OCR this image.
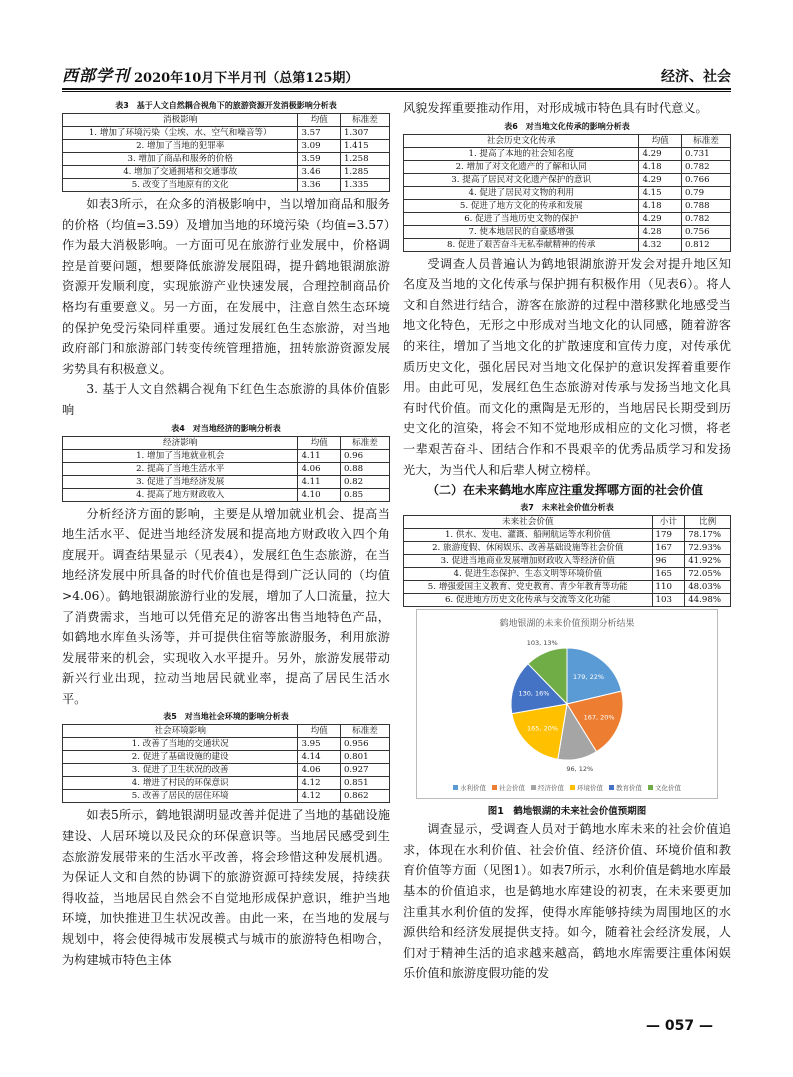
西部学刊 2020年10月下半月刊（总第125期）	经济、社会
表3　基于人文自然耦合视角下的旅游资源开发消极影响分析表
消极影响	均值	标准差
1. 增加了环境污染（尘埃、水、空气和噪音等）	3.57	1.307
2. 增加了当地的犯罪率	3.09	1.415
3. 增加了商品和服务的价格	3.59	1.258
4. 增加了交通拥堵和交通事故	3.46	1.285
5. 改变了当地原有的文化	3.36	1.335

如表3所示，在众多的消极影响中，当以增加商品和服务的价格（均值=3.59）及增加当地的环境污染（均值=3.57）作为最大消极影响。一方面可见在旅游行业发展中，价格调控是首要问题，想要降低旅游发展阻碍，提升鹤地银湖旅游资源开发顺利度，实现旅游产业快速发展，合理控制商品价格均有重要意义。另一方面，在发展中，注意自然生态环境的保护免受污染同样重要。通过发展红色生态旅游，对当地政府部门和旅游部门转变传统管理措施，扭转旅游资源发展劣势具有积极意义。

3. 基于人文自然耦合视角下红色生态旅游的具体价值影响

表4　对当地经济的影响分析表
经济影响	均值	标准差
1. 增加了当地就业机会	4.11	0.96
2. 提高了当地生活水平	4.06	0.88
3. 促进了当地经济发展	4.11	0.82
4. 提高了地方财政收入	4.10	0.85

分析经济方面的影响，主要是从增加就业机会、提高当地生活水平、促进当地经济发展和提高地方财政收入四个角度展开。调查结果显示（见表4），发展红色生态旅游，在当地经济发展中所具备的时代价值也是得到广泛认同的（均值>4.06）。鹤地银湖旅游行业的发展，增加了人口流量，拉大了消费需求，当地可以凭借充足的游客出售当地特色产品，如鹤地水库鱼头汤等，并可提供住宿等旅游服务，利用旅游发展带来的机会，实现收入水平提升。另外，旅游发展带动新兴行业出现，拉动当地居民就业率，提高了居民生活水平。

表5　对当地社会环境的影响分析表
社会环境影响	均值	标准差
1. 改善了当地的交通状况	3.95	0.956
2. 促进了基础设施的建设	4.14	0.801
3. 促进了卫生状况的改善	4.06	0.927
4. 增进了村民的环保意识	4.12	0.851
5. 改善了居民的居住环境	4.12	0.862

如表5所示，鹤地银湖明显改善并促进了当地的基础设施建设、人居环境以及民众的环保意识等。当地居民感受到生态旅游发展带来的生活水平改善，将会珍惜这种发展机遇。为保证人文和自然的协调下的旅游资源可持续发展，持续获得收益，当地居民自然会不自觉地形成保护意识，维护当地环境，加快推进卫生状况改善。由此一来，在当地的发展与规划中，将会使得城市发展模式与城市的旅游特色相吻合，为构建城市特色主体

风貌发挥重要推动作用，对形成城市特色具有时代意义。

表6　对当地文化传承的影响分析表
社会历史文化传承	均值	标准差
1. 提高了本地的社会知名度	4.29	0.731
2. 增加了对文化遗产的了解和认同	4.18	0.782
3. 提高了居民对文化遗产保护的意识	4.29	0.766
4. 促进了居民对文物的利用	4.15	0.79
5. 促进了地方文化的传承和发展	4.18	0.788
6. 促进了当地历史文物的保护	4.29	0.782
7. 使本地居民的自豪感增强	4.28	0.756
8. 促进了艰苦奋斗无私奉献精神的传承	4.32	0.812

受调查人员普遍认为鹤地银湖旅游开发会对提升地区知名度及当地的文化传承与保护拥有积极作用（见表6）。将人文和自然进行结合，游客在旅游的过程中潜移默化地感受当地文化特色，无形之中形成对当地文化的认同感，随着游客的来往，增加了当地文化的扩散速度和宣传力度，对传承优质历史文化，强化居民对当地文化保护的意识发挥着重要作用。由此可见，发展红色生态旅游对传承与发扬当地文化具有时代价值。而文化的熏陶是无形的，当地居民长期受到历史文化的渲染，将会不知不觉地形成相应的文化习惯，将老一辈艰苦奋斗、团结合作和不畏艰辛的优秀品质学习和发扬光大，为当代人和后辈人树立榜样。

（二）在未来鹤地水库应注重发挥哪方面的社会价值

表7　未来社会价值分析表
未来社会价值	小计	比例
1. 供水、发电、灌溉、船闸航运等水利价值	179	78.17%
2. 旅游度假、休闲娱乐、改善基础设施等社会价值	167	72.93%
3. 促进当地商业发展增加财政收入等经济价值	96	41.92%
4. 促进生态保护、生态文明等环境价值	165	72.05%
5. 增强爱国主义教育、党史教育、青少年教育等功能	110	48.03%
6. 促进地方历史文化传承与交流等文化功能	103	44.98%
鹤地银湖的未来价值预期分析结果
179, 22%
167, 20%
96, 12%
165, 20%
130, 16%
103, 13%
水利价值 社会价值 经济价值 环境价值 教育价值 文化价值
图1　鹤地银湖的未来社会价值预期图

调查显示，受调查人员对于鹤地水库未来的社会价值追求，体现在水利价值、社会价值、经济价值、环境价值和教育价值等方面（见图1）。如表7所示，水利价值是鹤地水库最基本的价值追求，也是鹤地水库建设的初衷，在未来要更加注重其水利价值的发挥，使得水库能够持续为周围地区的水源供给和经济发展提供支持。如今，随着社会经济发展，人们对于精神生活的追求越来越高，鹤地水库需要注重体闲娱乐价值和旅游度假功能的发

— 057 —
